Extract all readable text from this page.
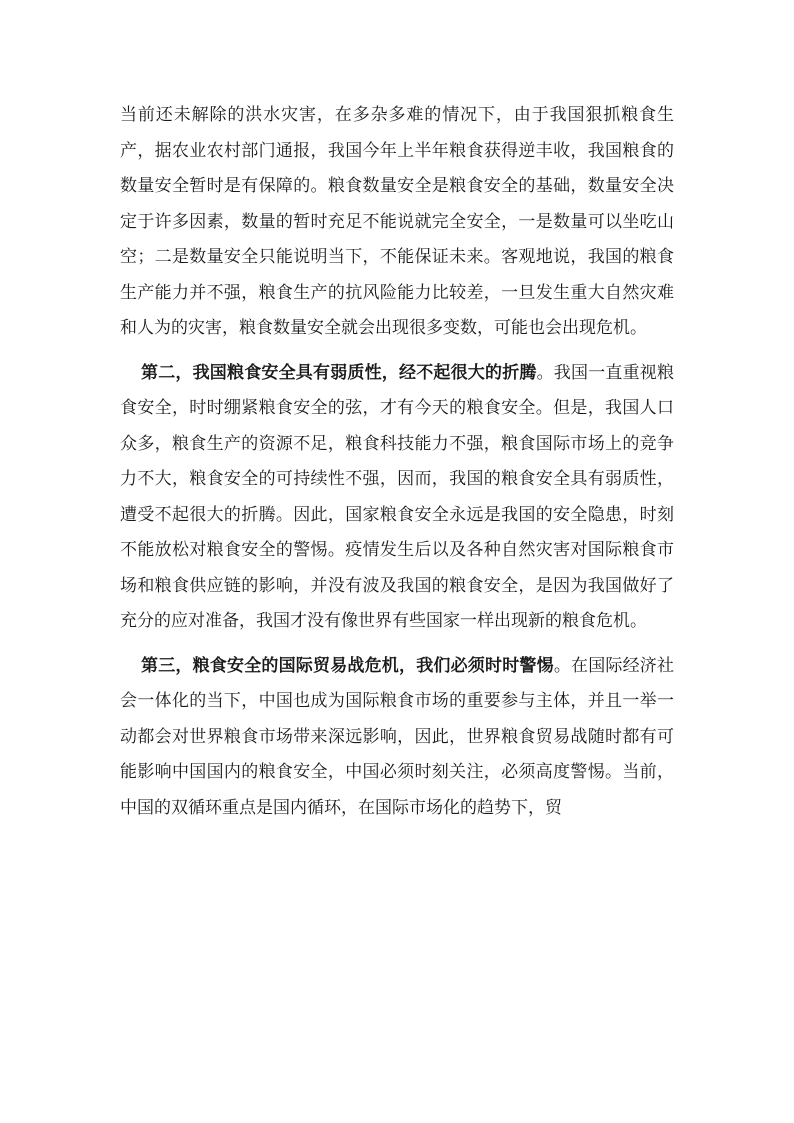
当前还未解除的洪水灾害，在多杂多难的情况下，由于我国狠抓粮食生产，据农业农村部门通报，我国今年上半年粮食获得逆丰收，我国粮食的数量安全暂时是有保障的。粮食数量安全是粮食安全的基础，数量安全决定于许多因素，数量的暂时充足不能说就完全安全，一是数量可以坐吃山空；二是数量安全只能说明当下，不能保证未来。客观地说，我国的粮食生产能力并不强，粮食生产的抗风险能力比较差，一旦发生重大自然灾难和人为的灾害，粮食数量安全就会出现很多变数，可能也会出现危机。

第二，我国粮食安全具有弱质性，经不起很大的折腾。我国一直重视粮食安全，时时绷紧粮食安全的弦，才有今天的粮食安全。但是，我国人口众多，粮食生产的资源不足，粮食科技能力不强，粮食国际市场上的竞争力不大，粮食安全的可持续性不强，因而，我国的粮食安全具有弱质性，遭受不起很大的折腾。因此，国家粮食安全永远是我国的安全隐患，时刻不能放松对粮食安全的警惕。疫情发生后以及各种自然灾害对国际粮食市场和粮食供应链的影响，并没有波及我国的粮食安全，是因为我国做好了充分的应对准备，我国才没有像世界有些国家一样出现新的粮食危机。

第三，粮食安全的国际贸易战危机，我们必须时时警惕。在国际经济社会一体化的当下，中国也成为国际粮食市场的重要参与主体，并且一举一动都会对世界粮食市场带来深远影响，因此，世界粮食贸易战随时都有可能影响中国国内的粮食安全，中国必须时刻关注，必须高度警惕。当前，中国的双循环重点是国内循环，在国际市场化的趋势下，贸
